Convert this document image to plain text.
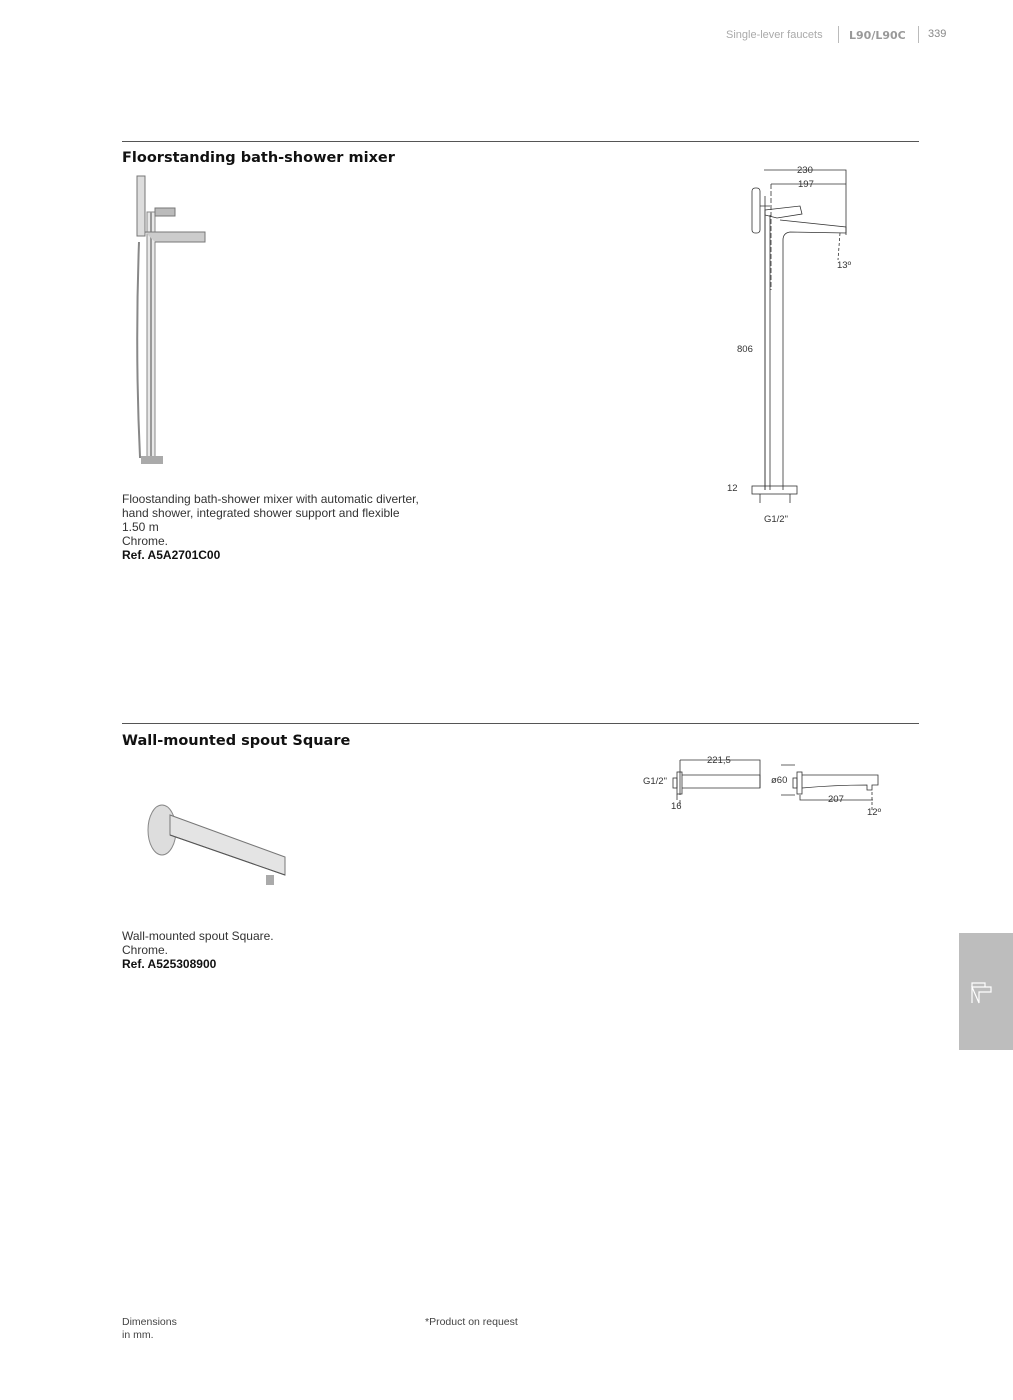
Single-lever faucets L90/L90C 339
Floorstanding bath-shower mixer
Floostanding bath-shower mixer with automatic diverter,
hand shower, integrated shower support and flexible
1.50 m
Chrome.
Ref. A5A2701C00
230
197
806
12
13º
G1/2"
Wall-mounted spout Square
Wall-mounted spout Square.
Chrome.
Ref. A525308900
221,5
G1/2"
16
ø60
207
12º
Dimensions
in mm.
*Product on request
